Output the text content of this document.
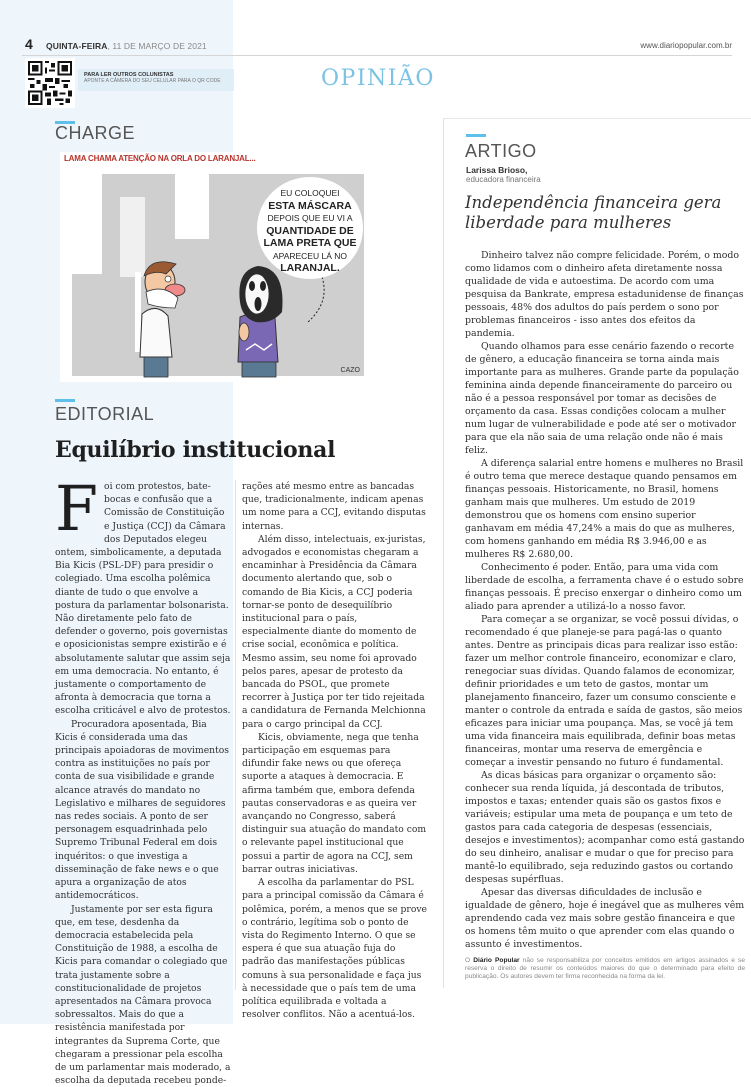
4 QUINTA-FEIRA, 11 DE MARÇO DE 2021	www.diariopopular.com.br
PARA LER OUTROS COLUNISTAS
APONTE A CÂMERA DO SEU CELULAR PARA O QR CODE	OPINIÃO
CHARGE
LAMA CHAMA ATENÇÃO NA ORLA DO LARANJAL...
EU COLOQUEI
ESTA MÁSCARA
DEPOIS QUE EU VI A
QUANTIDADE DE
LAMA PRETA QUE
APARECEU LÁ NO
LARANJAL.
CAZO
EDITORIAL
Equilíbrio institucional

Foi com protestos, bate-bocas e confusão que a Comissão de Constituição e Justiça (CCJ) da Câmara dos Deputados elegeu ontem, simbolicamente, a deputada Bia Kicis (PSL-DF) para presidir o colegiado. Uma escolha polêmica diante de tudo o que envolve a postura da parlamentar bolsonarista. Não diretamente pelo fato de defender o governo, pois governistas e oposicionistas sempre existirão e é absolutamente salutar que assim seja em uma democracia. No entanto, é justamente o comportamento de afronta à democracia que torna a escolha criticável e alvo de protestos.

Procuradora aposentada, Bia Kicis é considerada uma das principais apoiadoras de movimentos contra as instituições no país por conta de sua visibilidade e grande alcance através do mandato no Legislativo e milhares de seguidores nas redes sociais. A ponto de ser personagem esquadrinhada pelo Supremo Tribunal Federal em dois inquéritos: o que investiga a disseminação de fake news e o que apura a organização de atos antidemocráticos.

Justamente por ser esta figura que, em tese, desdenha da democracia estabelecida pela Constituição de 1988, a escolha de Kicis para comandar o colegiado que trata justamente sobre a constitucionalidade de projetos apresentados na Câmara provoca sobressaltos. Mais do que a resistência manifestada por integrantes da Suprema Corte, que chegaram a pressionar pela escolha de um parlamentar mais moderado, a escolha da deputada recebeu ponde-

rações até mesmo entre as bancadas que, tradicionalmente, indicam apenas um nome para a CCJ, evitando disputas internas.

Além disso, intelectuais, ex-juristas, advogados e economistas chegaram a encaminhar à Presidência da Câmara documento alertando que, sob o comando de Bia Kicis, a CCJ poderia tornar-se ponto de desequilíbrio institucional para o país, especialmente diante do momento de crise social, econômica e política. Mesmo assim, seu nome foi aprovado pelos pares, apesar de protesto da bancada do PSOL, que promete recorrer à Justiça por ter tido rejeitada a candidatura de Fernanda Melchionna para o cargo principal da CCJ.

Kicis, obviamente, nega que tenha participação em esquemas para difundir fake news ou que ofereça suporte a ataques à democracia. E afirma também que, embora defenda pautas conservadoras e as queira ver avançando no Congresso, saberá distinguir sua atuação do mandato com o relevante papel institucional que possui a partir de agora na CCJ, sem barrar outras iniciativas.

A escolha da parlamentar do PSL para a principal comissão da Câmara é polêmica, porém, a menos que se prove o contrário, legítima sob o ponto de vista do Regimento Interno. O que se espera é que sua atuação fuja do padrão das manifestações públicas comuns à sua personalidade e faça jus à necessidade que o país tem de uma política equilibrada e voltada a resolver conflitos. Não a acentuá-los.

ARTIGO
Larissa Brioso,
educadora financeira
Independência financeira gera liberdade para mulheres

Dinheiro talvez não compre felicidade. Porém, o modo como lidamos com o dinheiro afeta diretamente nossa qualidade de vida e autoestima. De acordo com uma pesquisa da Bankrate, empresa estadunidense de finanças pessoais, 48% dos adultos do país perdem o sono por problemas financeiros - isso antes dos efeitos da pandemia.

Quando olhamos para esse cenário fazendo o recorte de gênero, a educação financeira se torna ainda mais importante para as mulheres. Grande parte da população feminina ainda depende financeiramente do parceiro ou não é a pessoa responsável por tomar as decisões de orçamento da casa. Essas condições colocam a mulher num lugar de vulnerabilidade e pode até ser o motivador para que ela não saia de uma relação onde não é mais feliz.

A diferença salarial entre homens e mulheres no Brasil é outro tema que merece destaque quando pensamos em finanças pessoais. Historicamente, no Brasil, homens ganham mais que mulheres. Um estudo de 2019 demonstrou que os homens com ensino superior ganhavam em média 47,24% a mais do que as mulheres, com homens ganhando em média R$ 3.946,00 e as mulheres R$ 2.680,00.

Conhecimento é poder. Então, para uma vida com liberdade de escolha, a ferramenta chave é o estudo sobre finanças pessoais. É preciso enxergar o dinheiro como um aliado para aprender a utilizá-lo a nosso favor.

Para começar a se organizar, se você possui dívidas, o recomendado é que planeje-se para pagá-las o quanto antes. Dentre as principais dicas para realizar isso estão: fazer um melhor controle financeiro, economizar e claro, renegociar suas dívidas. Quando falamos de economizar, definir prioridades e um teto de gastos, montar um planejamento financeiro, fazer um consumo consciente e manter o controle da entrada e saída de gastos, são meios eficazes para iniciar uma poupança. Mas, se você já tem uma vida financeira mais equilibrada, definir boas metas financeiras, montar uma reserva de emergência e começar a investir pensando no futuro é fundamental.

As dicas básicas para organizar o orçamento são: conhecer sua renda líquida, já descontada de tributos, impostos e taxas; entender quais são os gastos fixos e variáveis; estipular uma meta de poupança e um teto de gastos para cada categoria de despesas (essenciais, desejos e investimentos); acompanhar como está gastando do seu dinheiro, analisar e mudar o que for preciso para mantê-lo equilibrado, seja reduzindo gastos ou cortando despesas supérfluas.

Apesar das diversas dificuldades de inclusão e igualdade de gênero, hoje é inegável que as mulheres vêm aprendendo cada vez mais sobre gestão financeira e que os homens têm muito o que aprender com elas quando o assunto é investimentos.

O Diário Popular não se responsabiliza por conceitos emitidos em artigos assinados e se reserva o direito de resumir os conteúdos maiores do que o determinado para efeito de publicação. Os autores devem ter firma reconhecida na forma da lei.
